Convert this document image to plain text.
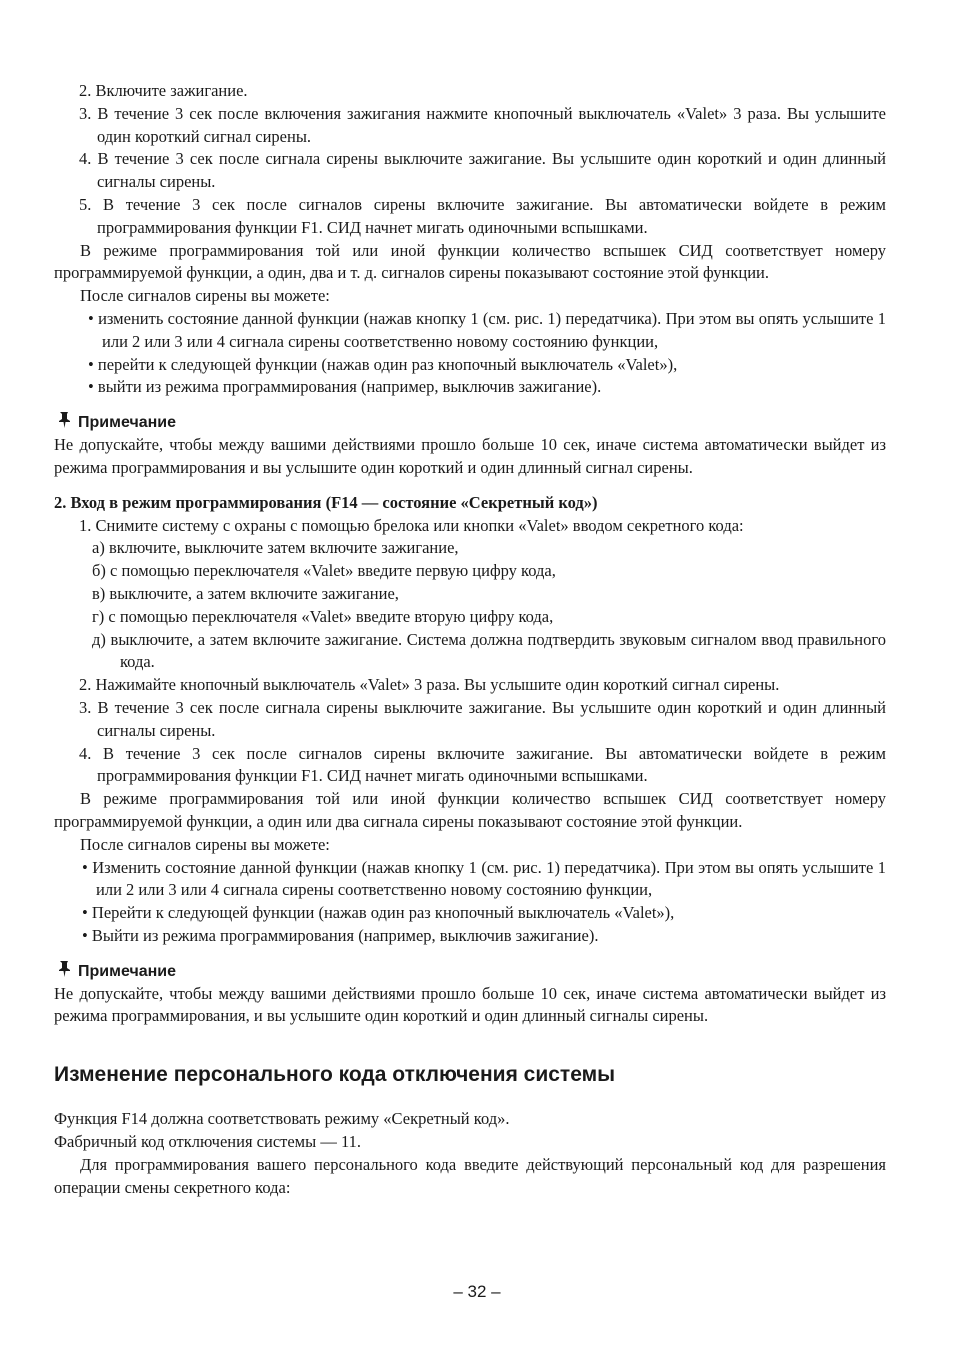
2. Включите зажигание.

3. В течение 3 сек после включения зажигания нажмите кнопочный выключатель «Valet» 3 раза. Вы услышите один короткий сигнал сирены.

4. В течение 3 сек после сигнала сирены выключите зажигание. Вы услышите один короткий и один длинный сигналы сирены.

5. В течение 3 сек после сигналов сирены включите зажигание. Вы автоматически войдете в режим программирования функции F1. СИД начнет мигать одиночными вспышками.

В режиме программирования той или иной функции количество вспышек СИД соответствует номеру программируемой функции, а один, два и т. д. сигналов сирены показывают состояние этой функции.

После сигналов сирены вы можете:

• изменить состояние данной функции (нажав кнопку 1 (см. рис. 1) передатчика). При этом вы опять услышите 1 или 2 или 3 или 4 сигнала сирены соответственно новому состоянию функции,

• перейти к следующей функции (нажав один раз кнопочный выключатель «Valet»),

• выйти из режима программирования (например, выключив зажигание).

Примечание

Не допускайте, чтобы между вашими действиями прошло больше 10 сек, иначе система автоматически выйдет из режима программирования и вы услышите один короткий и один длинный сигнал сирены.

2. Вход в режим программирования (F14 — состояние «Секретный код»)

1. Снимите систему с охраны с помощью брелока или кнопки «Valet» вводом секретного кода:

а) включите, выключите затем включите зажигание,

б) с помощью переключателя «Valet» введите первую цифру кода,

в) выключите, а затем включите зажигание,

г) с помощью переключателя «Valet» введите вторую цифру кода,

д) выключите, а затем включите зажигание. Система должна подтвердить звуковым сигналом ввод правильного кода.

2. Нажимайте кнопочный выключатель «Valet» 3 раза. Вы услышите один короткий сигнал сирены.

3. В течение 3 сек после сигнала сирены выключите зажигание. Вы услышите один короткий и один длинный сигналы сирены.

4. В течение 3 сек после сигналов сирены включите зажигание. Вы автоматически войдете в режим программирования функции F1. СИД начнет мигать одиночными вспышками.

В режиме программирования той или иной функции количество вспышек СИД соответствует номеру программируемой функции, а один или два сигнала сирены показывают состояние этой функции.

После сигналов сирены вы можете:

• Изменить состояние данной функции (нажав кнопку 1 (см. рис. 1) передатчика). При этом вы опять услышите 1 или 2 или 3 или 4 сигнала сирены соответственно новому состоянию функции,

• Перейти к следующей функции (нажав один раз кнопочный выключатель «Valet»),

• Выйти из режима программирования (например, выключив зажигание).

Примечание

Не допускайте, чтобы между вашими действиями прошло больше 10 сек, иначе система автоматически выйдет из режима программирования, и вы услышите один короткий и один длинный сигналы сирены.

Изменение персонального кода отключения системы

Функция F14 должна соответствовать режиму «Секретный код».

Фабричный код отключения системы — 11.

Для программирования вашего персонального кода введите действующий персональный код для разрешения операции смены секретного кода:

– 32 –
